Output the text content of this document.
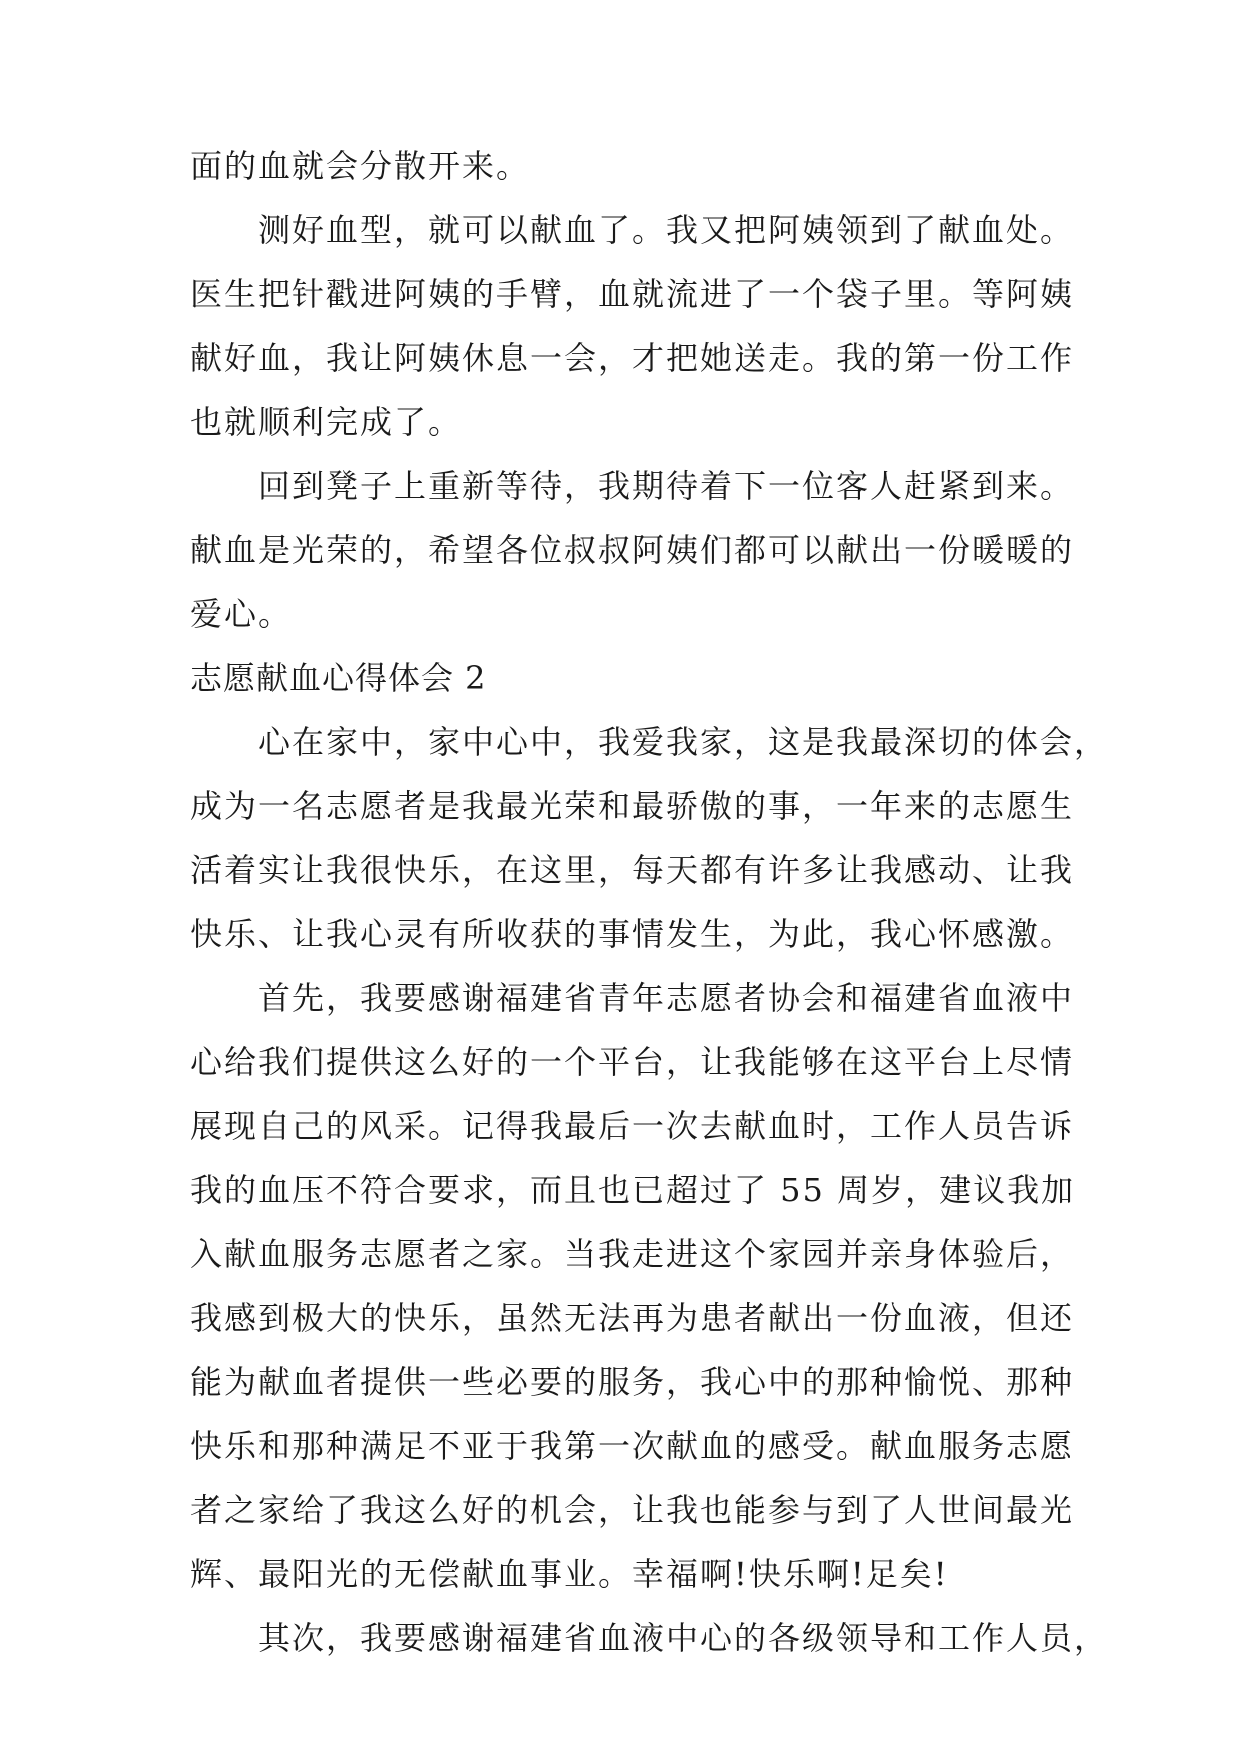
面的血就会分散开来。
测好血型，就可以献血了。我又把阿姨领到了献血处。
医生把针戳进阿姨的手臂，血就流进了一个袋子里。等阿姨
献好血，我让阿姨休息一会，才把她送走。我的第一份工作
也就顺利完成了。
回到凳子上重新等待，我期待着下一位客人赶紧到来。
献血是光荣的，希望各位叔叔阿姨们都可以献出一份暖暖的
爱心。
志愿献血心得体会 2
心在家中，家中心中，我爱我家，这是我最深切的体会，
成为一名志愿者是我最光荣和最骄傲的事，一年来的志愿生
活着实让我很快乐，在这里，每天都有许多让我感动、让我
快乐、让我心灵有所收获的事情发生，为此，我心怀感激。
首先，我要感谢福建省青年志愿者协会和福建省血液中
心给我们提供这么好的一个平台，让我能够在这平台上尽情
展现自己的风采。记得我最后一次去献血时，工作人员告诉
我的血压不符合要求，而且也已超过了 55 周岁，建议我加
入献血服务志愿者之家。当我走进这个家园并亲身体验后，
我感到极大的快乐，虽然无法再为患者献出一份血液，但还
能为献血者提供一些必要的服务，我心中的那种愉悦、那种
快乐和那种满足不亚于我第一次献血的感受。献血服务志愿
者之家给了我这么好的机会，让我也能参与到了人世间最光
辉、最阳光的无偿献血事业。幸福啊!快乐啊!足矣!
其次，我要感谢福建省血液中心的各级领导和工作人员，
